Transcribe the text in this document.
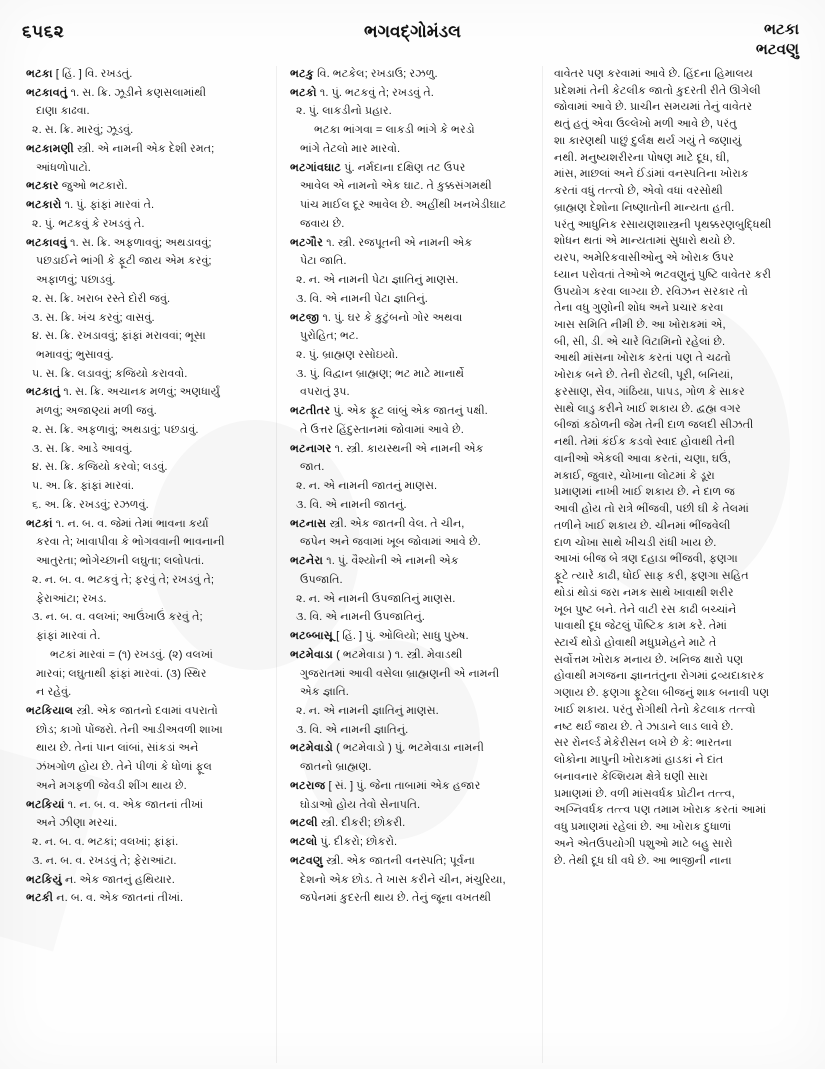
૬૫૬૨	ભગવદ્ગોમંડલ	ભટકા
ભટવણુ
ભટકા [ હિં. ] વિ. રખડતું.
ભટકાવતું ૧. સ. ક્રિ. ઝૂડીને કણસલામાંથી
દાણા કાઢવા.
૨. સ. ક્રિ. મારવું; ઝૂડવું.
ભટકામણી સ્ત્રી. એ નામની એક દેશી રમત;
આંધળોપાટો.
ભટકાર જુઓ ભટકારો.
ભટકારો ૧. પું. ફાંફાં મારવાં તે.
૨. પું. ભટકવું કે રખડવું તે.
ભટકાવવું ૧. સ. ક્રિ. અફળાવવું; અથડાવવું;
પછડાઈને ભાંગી કે ફૂટી જાય એમ કરવું;
અફાળવું; પછાડવું.
૨. સ. ક્રિ. ખરાબ રસ્તે દોરી જવું.
૩. સ. ક્રિ. ખંચ કરવું; વાસવું.
૪. સ. ક્રિ. રખડાવવું; ફાંફાં મરાવવાં; ભૂસા
ભમાવવું; ભુસાવવું.
૫. સ. ક્રિ. લડાવવું; કજિયો કરાવવો.
ભટકાતું ૧. સ. ક્રિ. અચાનક મળવું; અણધાર્યું
મળવું; અજાણ્યાં મળી જવું.
૨. સ. ક્રિ. અફળાવું; અથડાવું; પછડાવું.
૩. સ. ક્રિ. આડે આવવું.
૪. સ. ક્રિ. કજિયો કરવો; લડવું.
૫. અ. ક્રિ. ફાંફાં મારવાં.
૬. અ. ક્રિ. રખડવું; રઝળવું.
ભટકાં ૧. ન. બ. વ. જેમાં તેમાં ભાવના કર્યા
કરવા તે; ખાવાપીવા કે ભોગવવાની ભાવનાની
આતુરતા; ભોગેચ્છાની લઘુતા; લલોપતાં.
૨. ન. બ. વ. ભટકવું તે; ફરવું તે; રખડવું તે;
ફેરાઆંટા; રખડ.
૩. ન. બ. વ. વલખાં; આઉંખાઉં કરવું તે;
ફાંફાં મારવાં તે.
ભટકાં મારવાં = (૧) રખડવું. (૨) વલખાં
મારવાં; લઘુતાથી ફાંફાં મારવાં. (૩) સ્થિર
ન રહેવું.
ભટકિયાલ સ્ત્રી. એક જાતનો દવામાં વપરાતો
છોડ; કાગો પોંજરો. તેની આડીઅવળી શાખા
થાય છે. તેનાં પાન લાંબાં, સાંકડાં અને
ઝંખગોળ હોય છે. તેને પીળાં કે ધોળાં ફૂલ
અને મગફળી જેવડી શીંગ થાય છે.
ભટકિયાં ૧. ન. બ. વ. એક જાતનાં તીખાં
અને ઝીણા મરચાં.
૨. ન. બ. વ. ભટકાં; વલખાં; ફાંફાં.
૩. ન. બ. વ. રખડવું તે; ફેરાઆંટા.
ભટકિયું ન. એક જાતનું હથિયાર.
ભટકી ન. બ. વ. એક જાતનાં તીખાં.
ભટકુ વિ. ભટકેલ; રખડાઉ; રઝળુ.
ભટકો ૧. પું. ભટકવું તે; રખડવું તે.
૨. પું. લાકડીનો પ્રહાર.
ભટકા ભાંગવા = લાકડી ભાંગે કે ભરડો
ભાંગે તેટલો માર મારવો.
ભટગાંવઘાટ પું. નર્મદાના દક્ષિણ તટ ઉપર
આવેલ એ નામનો એક ઘાટ. તે કુક્કસંગમથી
પાંચ માઈલ દૂર આવેલ છે. અહીંથી ખનખેડીઘાટ
જવાય છે.
ભટગૌર ૧. સ્ત્રી. રજપૂતની એ નામની એક
પેટા જાતિ.
૨. ન. એ નામની પેટા જ્ઞાતિનું માણસ.
૩. વિ. એ નામની પેટા જ્ઞાતિનું.
ભટજી ૧. પું. ઘર કે કુટુંબનો ગોર અથવા
પુરોહિત; ભટ.
૨. પું. બ્રાહ્મણ રસોઇયો.
૩. પું. વિદ્વાન બ્રાહ્મણ; ભટ માટે માનાર્થે
વપરાતું રૂપ.
ભટતીતર પું. એક ફૂટ લાંબું એક જાતનું પક્ષી.
તે ઉત્તર હિંદુસ્તાનમાં જોવામાં આવે છે.
ભટનાગર ૧. સ્ત્રી. કાયસ્થની એ નામની એક
જાત.
૨. ન. એ નામની જાતનું માણસ.
૩. વિ. એ નામની જાતનું.
ભટનાસ સ્ત્રી. એક જાતની વેલ. તે ચીન,
જપેન અને જવામાં ખૂબ જોવામાં આવે છે.
ભટનેરા ૧. પું. વૈશ્યોની એ નામની એક
ઉપજાતિ.
૨. ન. એ નામની ઉપજાતિનું માણસ.
૩. વિ. એ નામની ઉપજાતિનું.
ભટબ્બાસૂ [ હિં. ] પું. ઓલિયો; સાધુ પુરુષ.
ભટમેવાડા ( ભટમેવાડા ) ૧. સ્ત્રી. મેવાડથી
ગુજરાતમાં આવી વસેલા બ્રાહ્મણની એ નામની
એક જ્ઞાતિ.
૨. ન. એ નામની જ્ઞાતિનું માણસ.
૩. વિ. એ નામની જ્ઞાતિનું.
ભટમેવાડો ( ભટમેવાડો ) પું. ભટમેવાડા નામની
જાતનો બ્રાહ્મણ.
ભટરાજ [ સં. ] પું. જેના તાબામાં એક હજાર
ઘોડાઓ હોય તેવો સેનાપતિ.
ભટલી સ્ત્રી. દીકરી; છોકરી.
ભટલો પું. દીકરો; છોકરો.
ભટવણુ સ્ત્રી. એક જાતની વનસ્પતિ; પૂર્વના
દેશનો એક છોડ. તે ખાસ કરીને ચીન, મંચુરિયા,
જપેનમાં કુદરતી થાય છે. તેનું જૂના વખતથી
વાવેતર પણ કરવામાં આવે છે. હિંદના હિમાલય
પ્રદેશમાં તેની કેટલીક જાતો કુદરતી રીતે ઊગેલી
જોવામાં આવે છે. પ્રાચીન સમયમાં તેનું વાવેતર
થતું હતું એવા ઉલ્લેખો મળી આવે છે, પરંતુ
શા કારણથી પાછું દુર્લક્ષ થર્ય ગયું તે જણાયું
નથી. મનુષ્યશરીરના પોષણ માટે દૂધ, ઘી,
માંસ, માછલાં અને ઈંડાંમાં વનસ્પતિના ખોરાક
કરતાં વધું તત્ત્વો છે, એવો વધાં વરસોથી
બ્રાહ્મણ દેશોના નિષ્ણાતોની માન્યતા હતી.
પરંતુ આધુનિક રસાયણશાસ્ત્રની પૃથક્કરણબુદ્ધિથી
શોધન થતાં એ માન્યતામાં સુધારો થયો છે.
યરપ, અમેરિકવાસીઓનુ એ ખોરાક ઉપર
ધ્યાન પરોવતાં તેઓએ ભટવણુનું પુષ્ટિ વાવેતર કરી
ઉપયોગ કરવા લાગ્યા છે. રવિઝન સરકાર તો
તેના વધુ ગુણોની શોધ અને પ્રચાર કરવા
ખાસ સમિતિ નીમી છે. આ ખોરાકમાં એ,
બી, સી, ડી. એ ચારે વિટામિનો રહેલાં છે.
આથી માંસના ખોરાક કરતાં પણ તે ચઢતો
ખોરાક બને છે. તેની રોટલી, પૂરી, બનિયાં,
ફરસાણ, સેવ, ગાંઠિયા, પાપડ, ગોળ કે સાકર
સાથે લાડુ કરીને ખાઈ શકાય છે. દ્વહ્મ વગર
બીજાં કઠોળની જેમ તેની દાળ જલદી સીઝતી
નથી. તેમાં કંઈક કડવો સ્વાદ હોવાથી તેની
વાનીઓ એકલી આવા કરતાં, ચણા, ઘઉં,
મકાઈ, જુવાર, ચોખાના લોટમાં કે ડૂરા
પ્રમાણમાં નાખી ખાઈ શકાય છે. ને દાળ જ
આવી હોય તો રાત્રે ભીંજવી, પછી ઘી કે તેલમાં
તળીને ખાઈ શકાય છે. ચીનમાં ભીંજવેલી
દાળ ચોખા સાથે ખીચડી રાંધી ખાય છે.
આખાં બીજ બે ત્રણ દહાડા ભીંજવી, ફણગા
ફૂટે ત્યારે કાઢી, ધોઈ સાફ કરી, ફણગા સહિત
થોડાં થોડાં જરા નમક સાથે ખાવાથી શરીર
ખૂબ પુષ્ટ બને. તેને વાટી રસ કાઢી બચ્ચાંને
પાવાથી દૂધ જેટલું પૌષ્ટિક કામ કરે. તેમાં
સ્ટાર્ચ થોડો હોવાથી મધુપ્રમેહને માટે તે
સર્વોત્તમ ખોરાક મનાય છે. ખનિજ ક્ષારો પણ
હોવાથી મગજના જ્ઞાનતંતુના રોગમાં દ્રવ્યદાકારક
ગણાય છે. ફણગા ફૂટેલા બીજનું શાક બનાવી પણ
ખાઈ શકાય. પરંતુ રોગીથી તેનો કેટલાક તત્ત્વો
નષ્ટ થર્ઇ જાય છે. તે ઝાડાને લાડ લાવે છે.
સર રોનર્લ્ડ મેકેરીસન લખે છે કે: ભારતના
લોકોના માપુની ખોરાકમાં હાડકાં ને દાંત
બનાવનાર કેલ્શિયમ ક્ષેત્રે ઘણી સારા
પ્રમાણમાં છે. વળી માંસવર્ધક પ્રોટીન તત્ત્વ,
અગ્નિવર્ધક તત્ત્વ પણ તમામ ખોરાક કરતાં આમાં
વધુ પ્રમાણમાં રહેલાં છે. આ ખોરાક દુધાળાં
અને એતઉપયોગી પશુઓ માટે બહુ સારો
છે. તેથી દૂધ ઘી વધે છે. આ ભાજીની નાના
